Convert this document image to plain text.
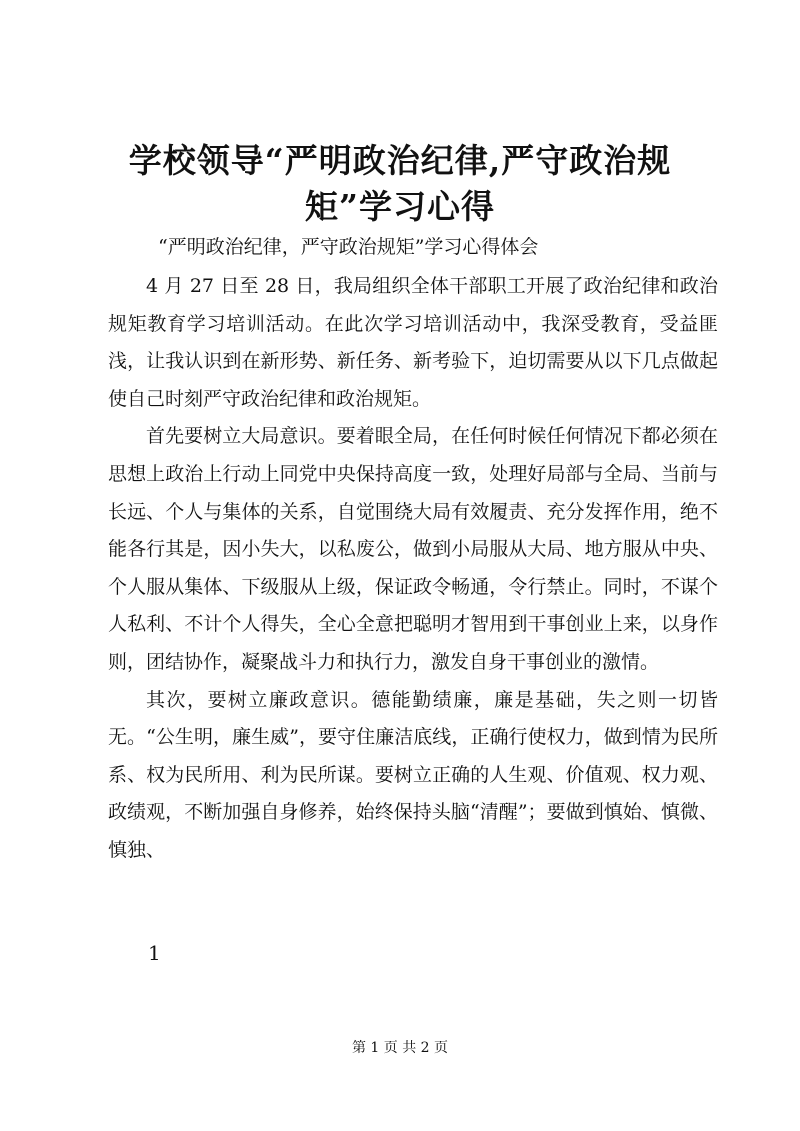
学校领导“严明政治纪律,严守政治规矩”学习心得

“严明政治纪律，严守政治规矩”学习心得体会

4 月 27 日至 28 日，我局组织全体干部职工开展了政治纪律和政治规矩教育学习培训活动。在此次学习培训活动中，我深受教育，受益匪浅，让我认识到在新形势、新任务、新考验下，迫切需要从以下几点做起使自己时刻严守政治纪律和政治规矩。

首先要树立大局意识。要着眼全局，在任何时候任何情况下都必须在思想上政治上行动上同党中央保持高度一致，处理好局部与全局、当前与长远、个人与集体的关系，自觉围绕大局有效履责、充分发挥作用，绝不能各行其是，因小失大，以私废公，做到小局服从大局、地方服从中央、个人服从集体、下级服从上级，保证政令畅通，令行禁止。同时，不谋个人私利、不计个人得失，全心全意把聪明才智用到干事创业上来，以身作则，团结协作，凝聚战斗力和执行力，激发自身干事创业的激情。

其次，要树立廉政意识。德能勤绩廉，廉是基础，失之则一切皆无。“公生明，廉生威”，要守住廉洁底线，正确行使权力，做到情为民所系、权为民所用、利为民所谋。要树立正确的人生观、价值观、权力观、政绩观，不断加强自身修养，始终保持头脑“清醒”；要做到慎始、慎微、慎独、

1
第 1 页 共 2 页
